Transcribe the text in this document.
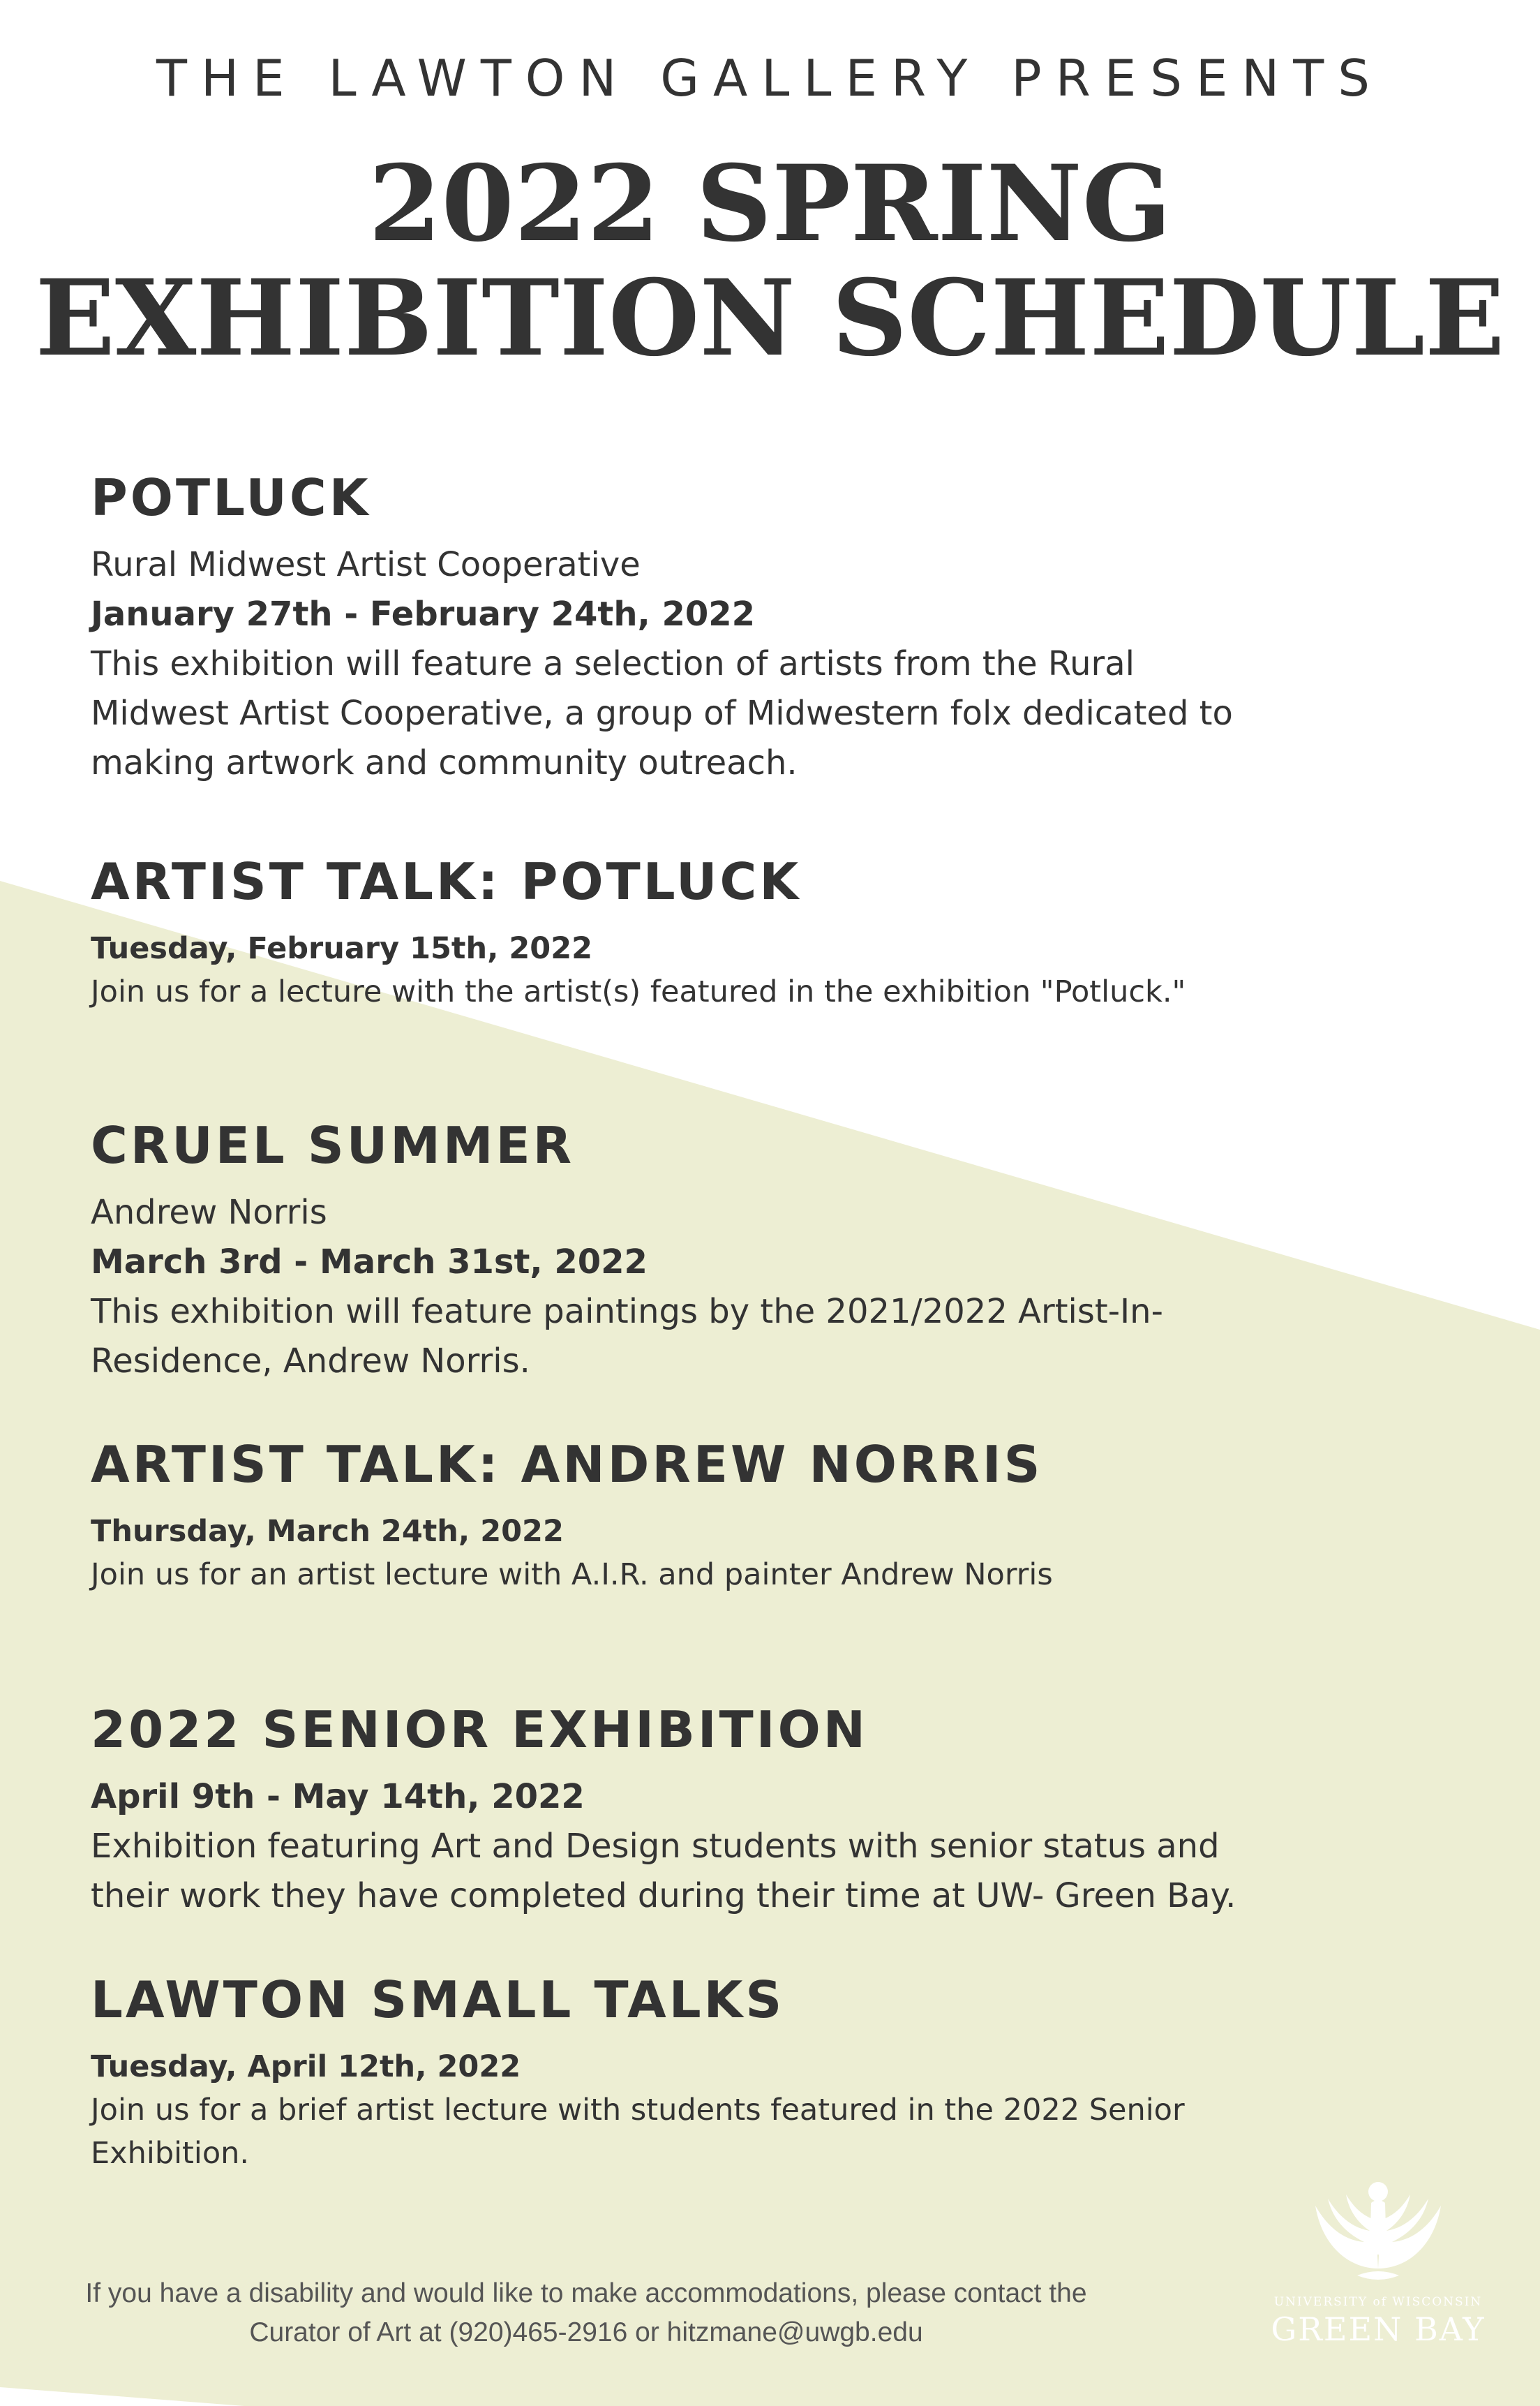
THE LAWTON GALLERY PRESENTS

2022 SPRING
EXHIBITION SCHEDULE
POTLUCK

Rural Midwest Artist Cooperative

January 27th - February 24th, 2022

This exhibition will feature a selection of artists from the Rural

Midwest Artist Cooperative, a group of Midwestern folx dedicated to

making artwork and community outreach.

ARTIST TALK: POTLUCK

Tuesday, February 15th, 2022

Join us for a lecture with the artist(s) featured in the exhibition "Potluck."

CRUEL SUMMER

Andrew Norris

March 3rd - March 31st, 2022

This exhibition will feature paintings by the 2021/2022 Artist-In-

Residence, Andrew Norris.

ARTIST TALK: ANDREW NORRIS

Thursday, March 24th, 2022

Join us for an artist lecture with A.I.R. and painter Andrew Norris

2022 SENIOR EXHIBITION

April 9th - May 14th, 2022

Exhibition featuring Art and Design students with senior status and

their work they have completed during their time at UW- Green Bay.

LAWTON SMALL TALKS

Tuesday, April 12th, 2022

Join us for a brief artist lecture with students featured in the 2022 Senior

Exhibition.

If you have a disability and would like to make accommodations, please contact the

Curator of Art at (920)465-2916 or hitzmane@uwgb.edu

UNIVERSITY of WISCONSIN
GREEN BAY
